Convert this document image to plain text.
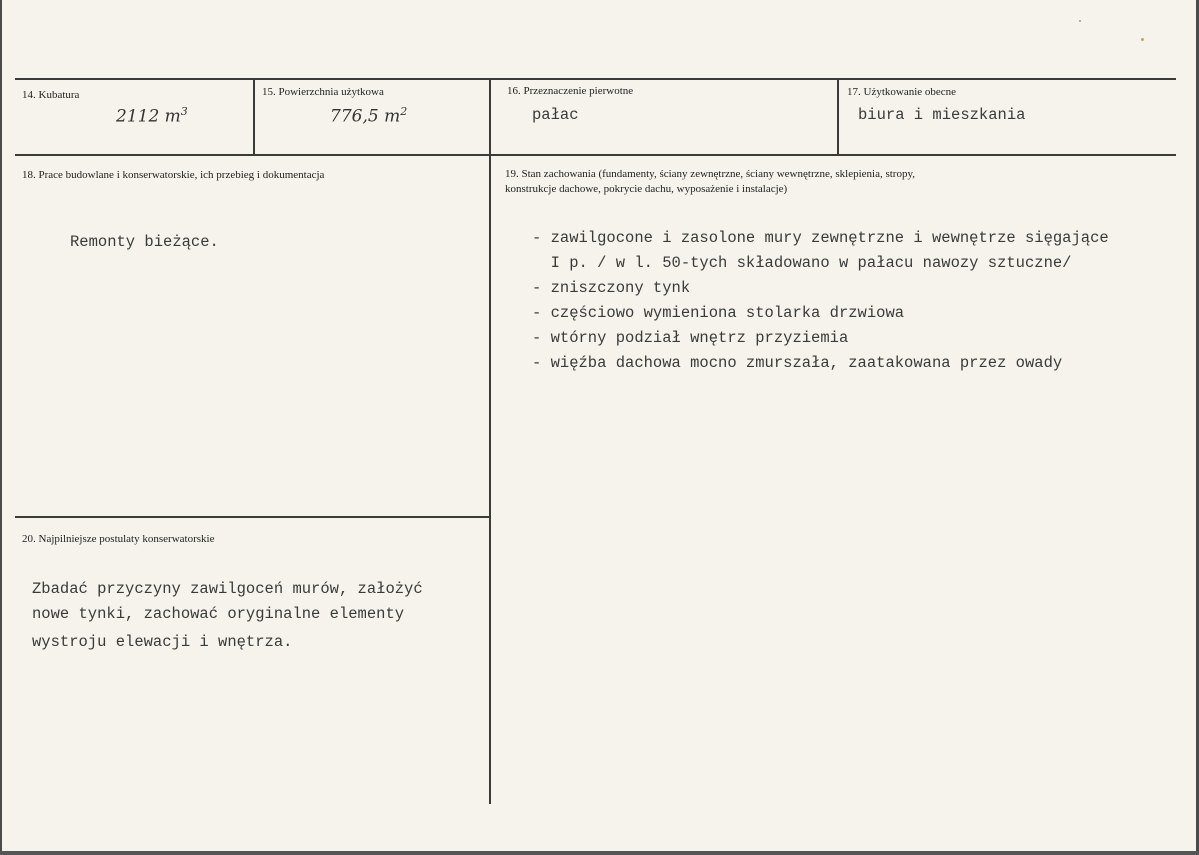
14. Kubatura
2112 $m^3$
15. Powierzchnia użytkowa
776,5 $m^2$
16. Przeznaczenie pierwotne
pałac
17. Użytkowanie obecne
biura i mieszkania
18. Prace budowlane i konserwatorskie, ich przebieg i dokumentacja
Remonty bieżące.
19. Stan zachowania (fundamenty, ściany zewnętrzne, ściany wewnętrzne, sklepienia, stropy,
konstrukcje dachowe, pokrycie dachu, wyposażenie i instalacje)
- zawilgocone i zasolone mury zewnętrzne i wewnętrze sięgające
I p. / w l. 50-tych składowano w pałacu nawozy sztuczne/
- zniszczony tynk
- częściowo wymieniona stolarka drzwiowa
- wtórny podział wnętrz przyziemia
- więźba dachowa mocno zmurszała, zaatakowana przez owady
20. Najpilniejsze postulaty konserwatorskie
Zbadać przyczyny zawilgoceń murów, założyć
nowe tynki, zachować oryginalne elementy
wystroju elewacji i wnętrza.
